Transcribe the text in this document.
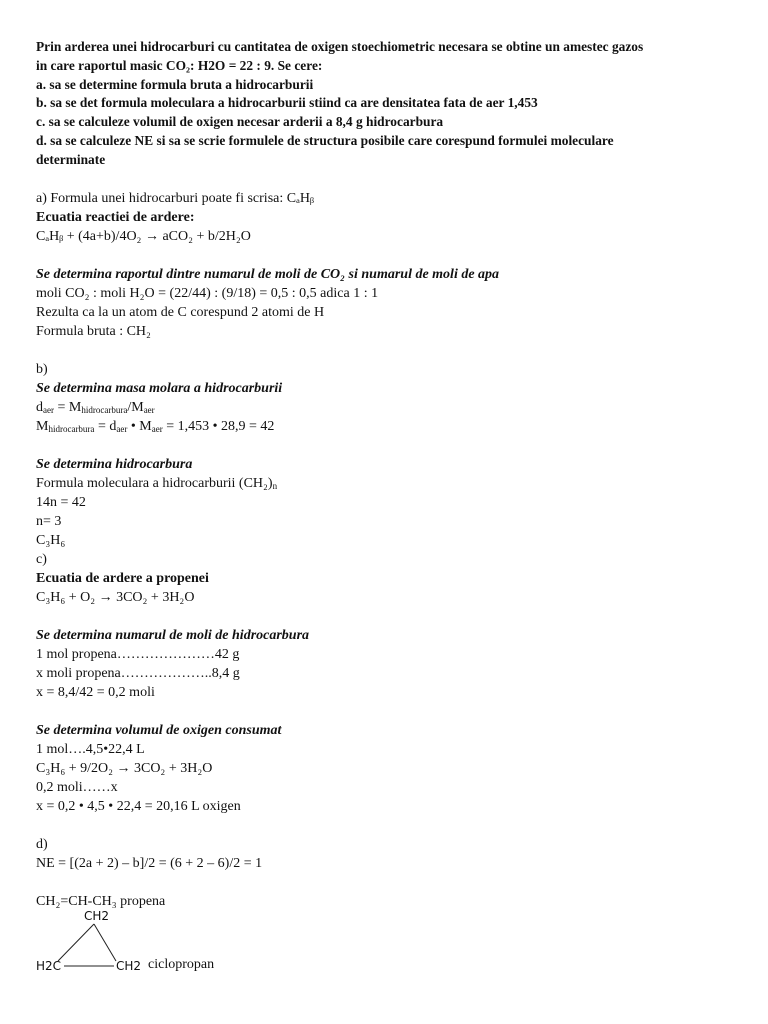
Prin arderea unei hidrocarburi cu cantitatea de oxigen stoechiometric necesara se obtine un amestec gazos
in care raportul masic CO₂: H2O = 22 : 9. Se cere:
a. sa se determine formula bruta a hidrocarburii
b. sa se det formula moleculara a hidrocarburii stiind ca are densitatea fata de aer 1,453
c. sa se calculeze volumil de oxigen necesar arderii a 8,4 g hidrocarbura
d. sa se calculeze NE si sa se scrie formulele de structura posibile care corespund formulei moleculare
determinate
a) Formula unei hidrocarburi poate fi scrisa: CₐHᵦ
Ecuatia reactiei de ardere:
CₐHᵦ + (4a+b)/4O₂ → aCO₂ + b/2H₂O
Se determina raportul dintre numarul de moli de CO₂ si numarul de moli de apa
moli CO₂ : moli H₂O = (22/44) : (9/18) = 0,5 : 0,5 adica 1 : 1
Rezulta ca la un atom de C corespund 2 atomi de H
Formula bruta : CH₂
b)
Se determina masa molara a hidrocarburii
$d_{aer} = M_{hidrocarbura}/M_{aer}$
$M_{hidrocarbura} = d_{aer}$ • $M_{aer} = 1,453$ • 28,9 = 42
Se determina hidrocarbura
Formula moleculara a hidrocarburii $(CH_2)_n$
14n = 42
n= 3
C₃H₆
c)
Ecuatia de ardere a propenei
C₃H₆ + O₂ → 3CO₂ + 3H₂O
Se determina numarul de moli de hidrocarbura
1 mol propena…………………42 g
x moli propena………………..8,4 g
x = 8,4/42 = 0,2 moli
Se determina volumul de oxigen consumat
1 mol….4,5•22,4 L
C₃H₆ + 9/2O₂ → 3CO₂ + 3H₂O
0,2 moli……x
x = 0,2 • 4,5 • 22,4 = 20,16 L oxigen
d)
NE = [(2a + 2) – b]/2 = (6 + 2 – 6)/2 = 1
CH₂=CH-CH₃ propena
CH2
H2C	CH2 ciclopropan
